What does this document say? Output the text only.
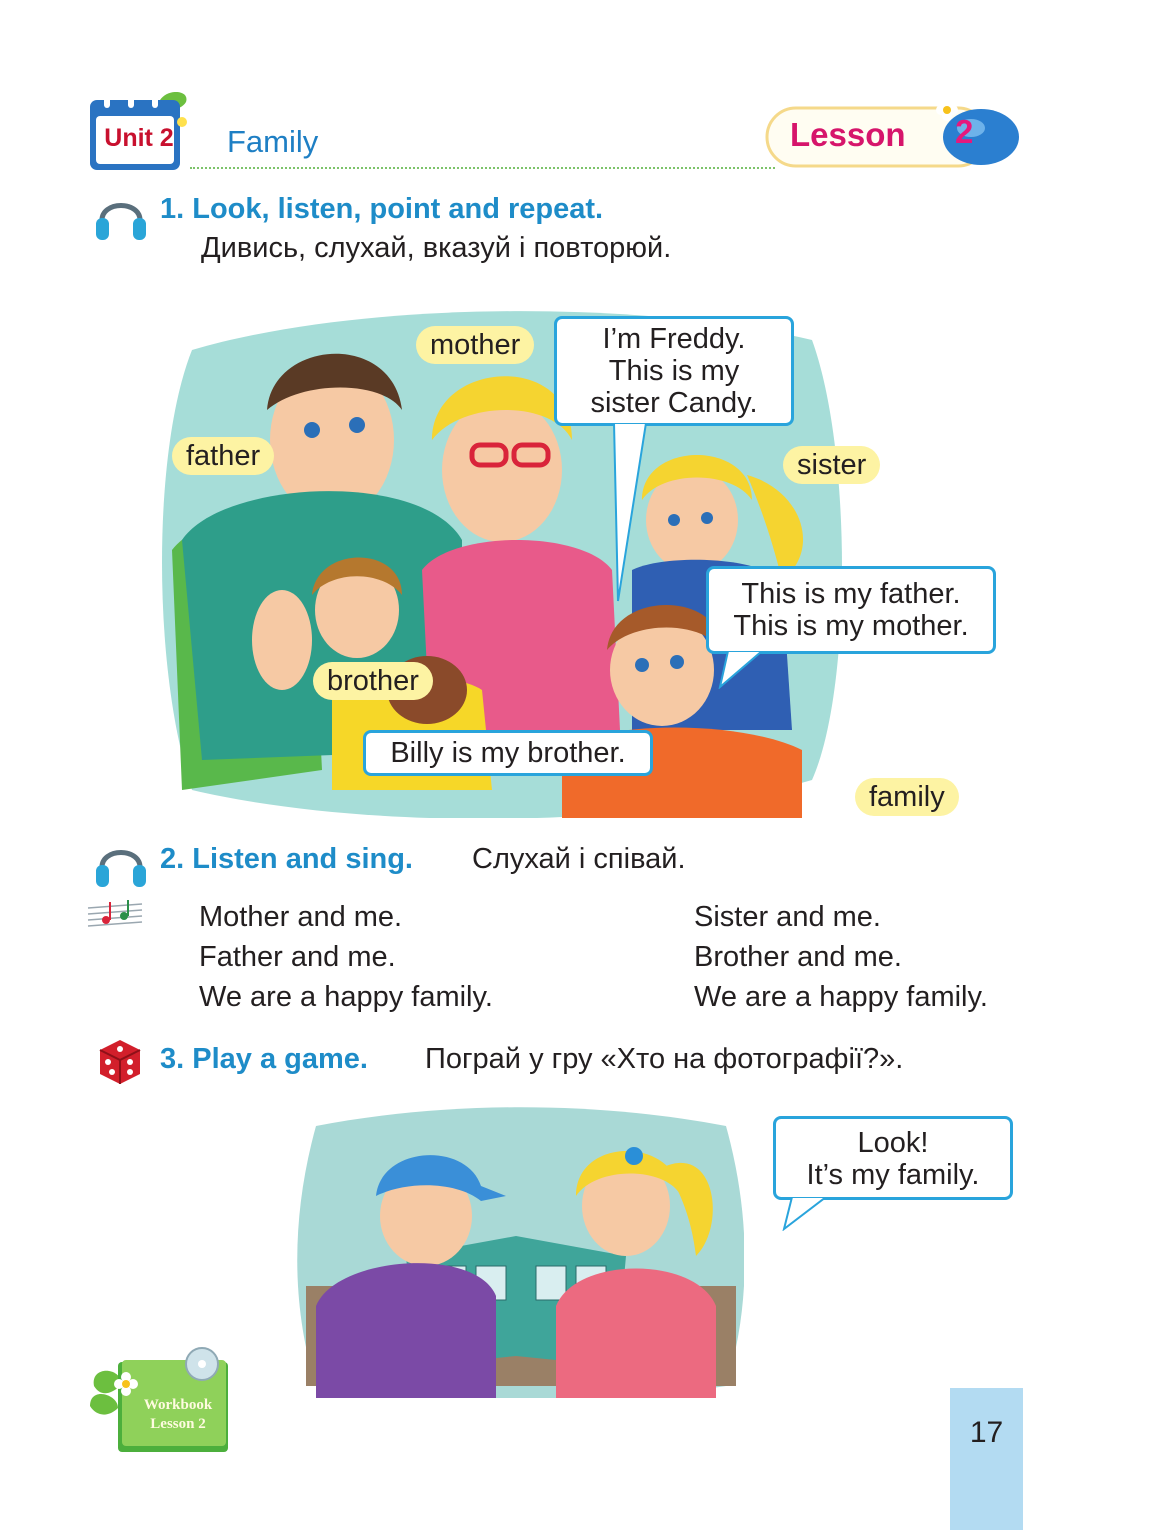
Unit 2	Family	Lesson 2
1. Look, listen, point and repeat.
Дивись, слухай, вказуй і повторюй.
mother
father	sister
brother
family
I’m Freddy.
This is my
sister Candy.
This is my father.
This is my mother.
Billy is my brother.
2. Listen and sing. Слухай і співай.
Mother and me.
Father and me.
We are a happy family.
Sister and me.
Brother and me.
We are a happy family.
3. Play a game. Пограй у гру «Хто на фотографії?».
Look!
It’s my family.
Workbook
Lesson 2	17
